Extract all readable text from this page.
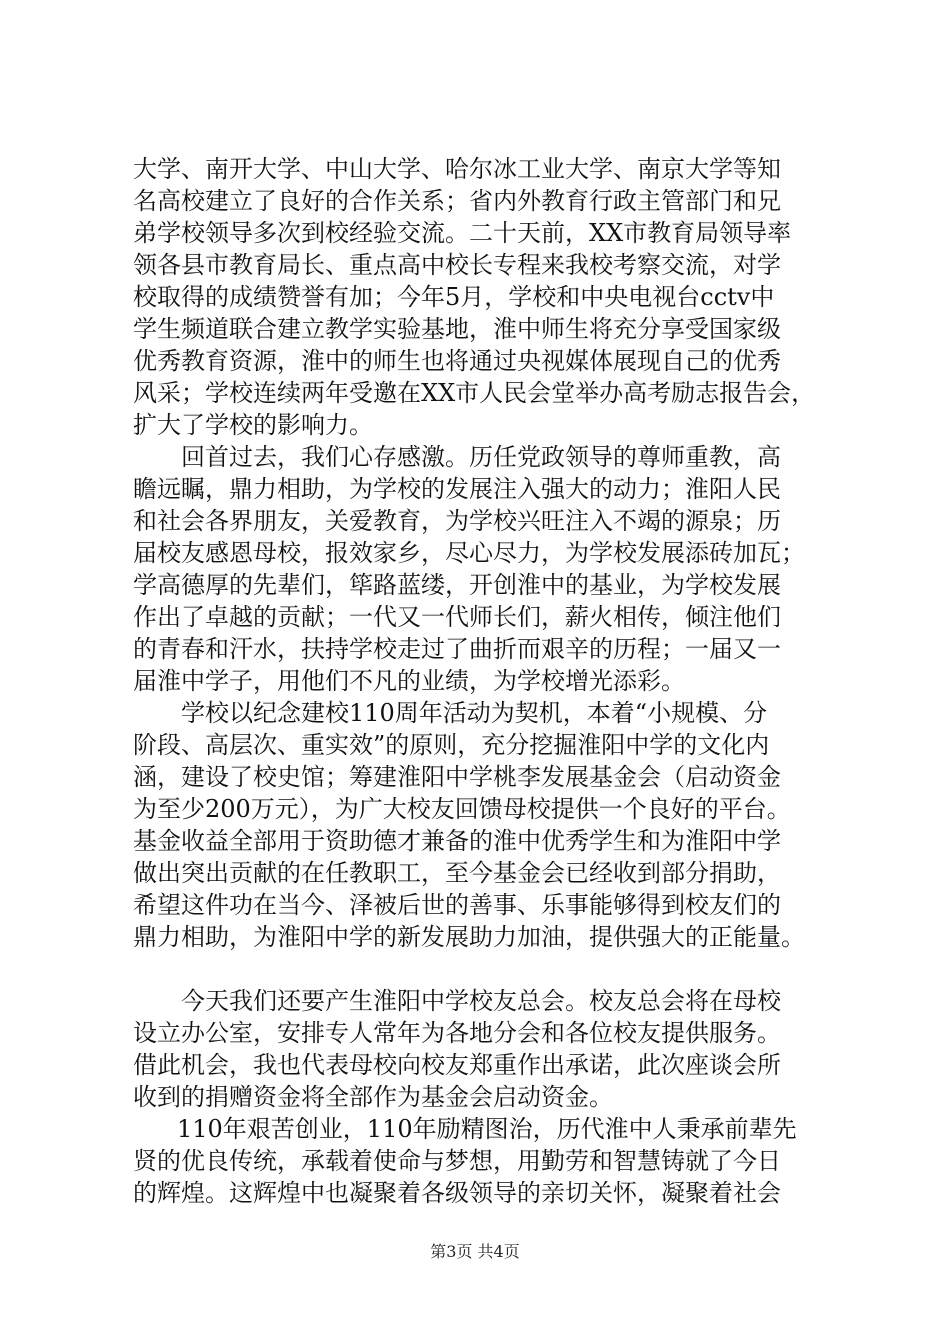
大学、南开大学、中山大学、哈尔冰工业大学、南京大学等知
名高校建立了良好的合作关系；省内外教育行政主管部门和兄
弟学校领导多次到校经验交流。二十天前，XX市教育局领导率
领各县市教育局长、重点高中校长专程来我校考察交流，对学
校取得的成绩赞誉有加；今年5月，学校和中央电视台cctv中
学生频道联合建立教学实验基地，淮中师生将充分享受国家级
优秀教育资源，淮中的师生也将通过央视媒体展现自己的优秀
风采；学校连续两年受邀在XX市人民会堂举办高考励志报告会，
扩大了学校的影响力。
回首过去，我们心存感激。历任党政领导的尊师重教，高
瞻远瞩，鼎力相助，为学校的发展注入强大的动力；淮阳人民
和社会各界朋友，关爱教育，为学校兴旺注入不竭的源泉；历
届校友感恩母校，报效家乡，尽心尽力，为学校发展添砖加瓦；
学高德厚的先辈们，筚路蓝缕，开创淮中的基业，为学校发展
作出了卓越的贡献；一代又一代师长们，薪火相传，倾注他们
的青春和汗水，扶持学校走过了曲折而艰辛的历程；一届又一
届淮中学子，用他们不凡的业绩，为学校增光添彩。
学校以纪念建校110周年活动为契机，本着“小规模、分
阶段、高层次、重实效”的原则，充分挖掘淮阳中学的文化内
涵，建设了校史馆；筹建淮阳中学桃李发展基金会（启动资金
为至少200万元），为广大校友回馈母校提供一个良好的平台。
基金收益全部用于资助德才兼备的淮中优秀学生和为淮阳中学
做出突出贡献的在任教职工，至今基金会已经收到部分捐助，
希望这件功在当今、泽被后世的善事、乐事能够得到校友们的
鼎力相助，为淮阳中学的新发展助力加油，提供强大的正能量。
今天我们还要产生淮阳中学校友总会。校友总会将在母校
设立办公室，安排专人常年为各地分会和各位校友提供服务。
借此机会，我也代表母校向校友郑重作出承诺，此次座谈会所
收到的捐赠资金将全部作为基金会启动资金。
110年艰苦创业，110年励精图治，历代淮中人秉承前辈先
贤的优良传统，承载着使命与梦想，用勤劳和智慧铸就了今日
的辉煌。这辉煌中也凝聚着各级领导的亲切关怀，凝聚着社会
第3页 共4页
